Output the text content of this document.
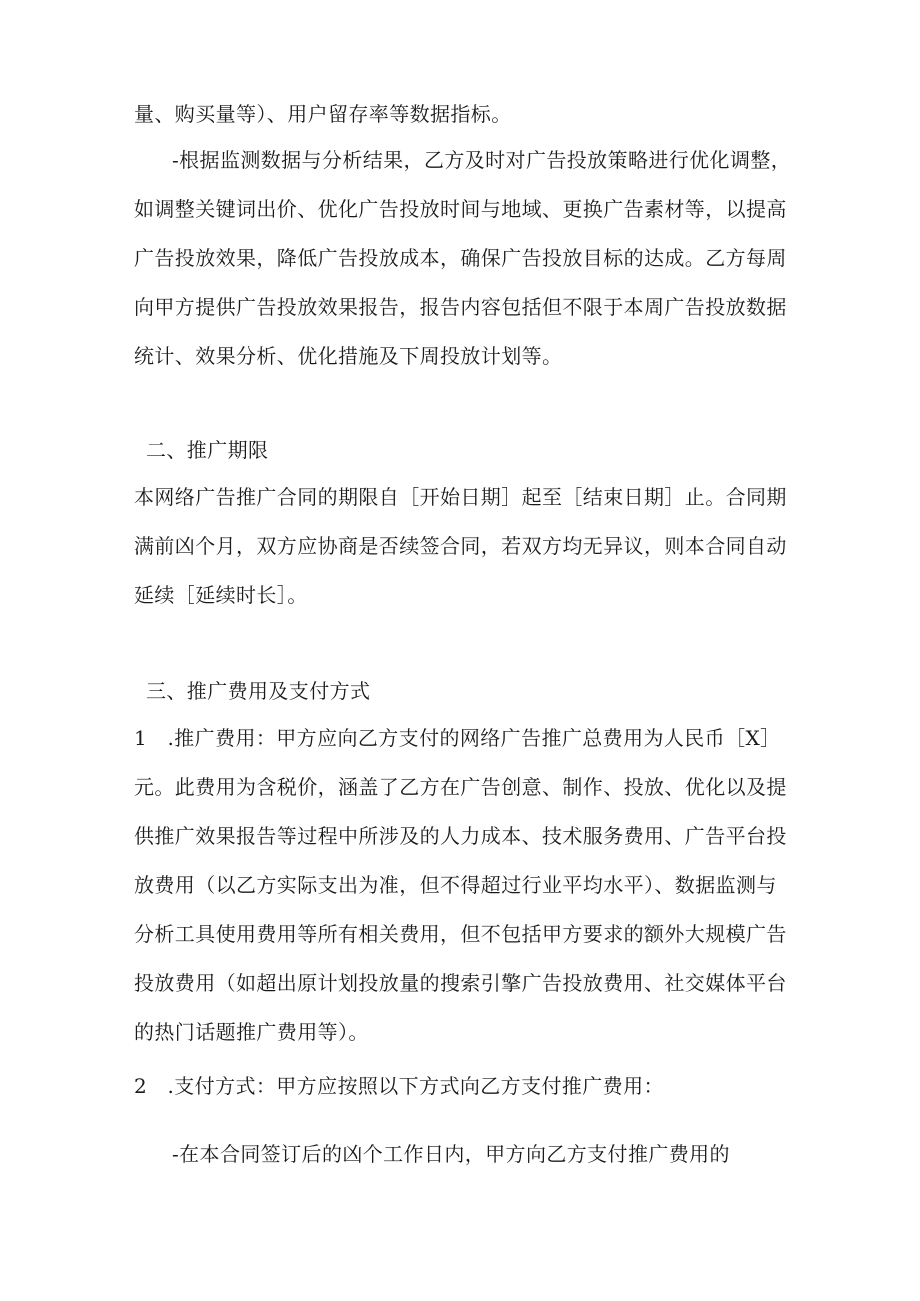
量、购买量等）、用户留存率等数据指标。
-根据监测数据与分析结果，乙方及时对广告投放策略进行优化调整，
如调整关键词出价、优化广告投放时间与地域、更换广告素材等，以提高
广告投放效果，降低广告投放成本，确保广告投放目标的达成。乙方每周
向甲方提供广告投放效果报告，报告内容包括但不限于本周广告投放数据
统计、效果分析、优化措施及下周投放计划等。
二、推广期限
本网络广告推广合同的期限自［开始日期］起至［结束日期］止。合同期
满前凶个月，双方应协商是否续签合同，若双方均无异议，则本合同自动
延续［延续时长］。
三、推广费用及支付方式
1　.推广费用：甲方应向乙方支付的网络广告推广总费用为人民币［X］
元。此费用为含税价，涵盖了乙方在广告创意、制作、投放、优化以及提
供推广效果报告等过程中所涉及的人力成本、技术服务费用、广告平台投
放费用（以乙方实际支出为准，但不得超过行业平均水平）、数据监测与
分析工具使用费用等所有相关费用，但不包括甲方要求的额外大规模广告
投放费用（如超出原计划投放量的搜索引擎广告投放费用、社交媒体平台
的热门话题推广费用等）。
2　.支付方式：甲方应按照以下方式向乙方支付推广费用：
-在本合同签订后的凶个工作日内，甲方向乙方支付推广费用的
